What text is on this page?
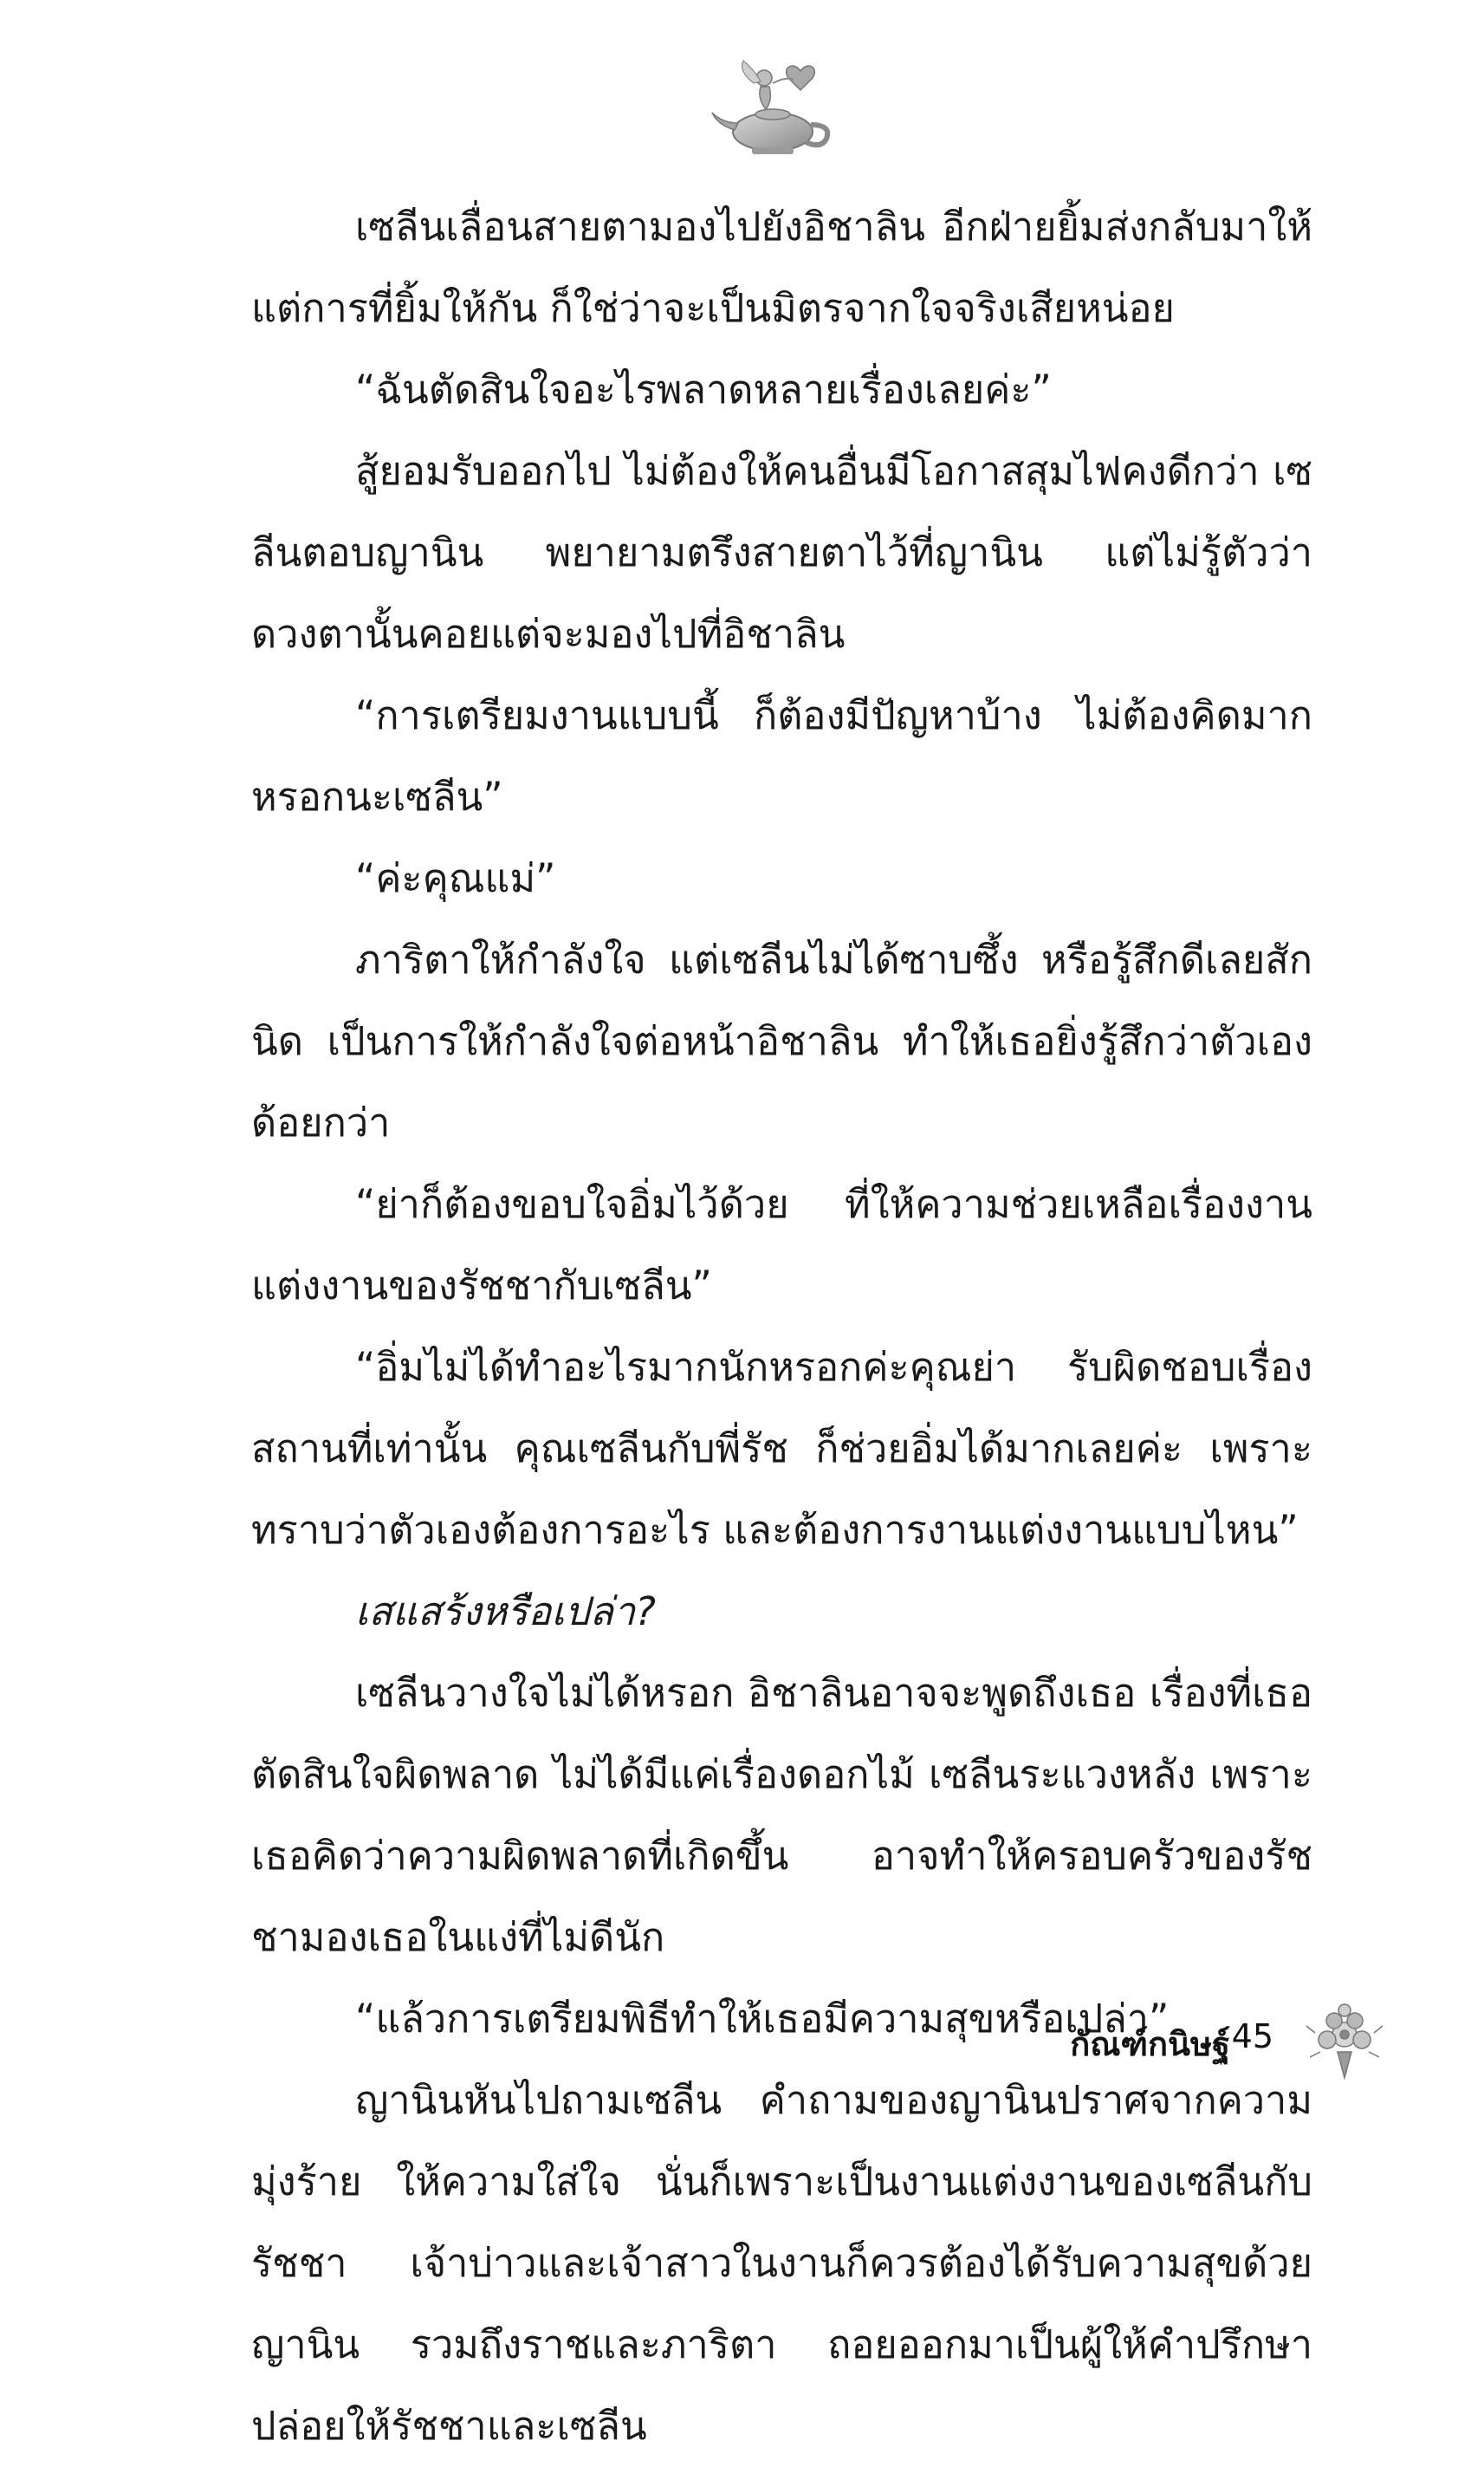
เซลีนเลื่อนสายตามองไปยังอิชาลิน อีกฝ่ายยิ้มส่งกลับมาให้ แต่การที่ยิ้มให้กัน ก็ใช่ว่าจะเป็นมิตรจากใจจริงเสียหน่อย

“ฉันตัดสินใจอะไรพลาดหลายเรื่องเลยค่ะ”

สู้ยอมรับออกไป ไม่ต้องให้คนอื่นมีโอกาสสุมไฟคงดีกว่า เซลีนตอบญานิน พยายามตรึงสายตาไว้ที่ญานิน แต่ไม่รู้ตัวว่าดวงตานั้นคอยแต่จะมองไปที่อิชาลิน

“การเตรียมงานแบบนี้ ก็ต้องมีปัญหาบ้าง ไม่ต้องคิดมากหรอกนะเซลีน”

“ค่ะคุณแม่”

ภาริตาให้กำลังใจ แต่เซลีนไม่ได้ซาบซึ้ง หรือรู้สึกดีเลยสักนิด เป็นการให้กำลังใจต่อหน้าอิชาลิน ทำให้เธอยิ่งรู้สึกว่าตัวเองด้อยกว่า

“ย่าก็ต้องขอบใจอิ่มไว้ด้วย ที่ให้ความช่วยเหลือเรื่องงานแต่งงานของรัชชากับเซลีน”

“อิ่มไม่ได้ทำอะไรมากนักหรอกค่ะคุณย่า รับผิดชอบเรื่องสถานที่เท่านั้น คุณเซลีนกับพี่รัช ก็ช่วยอิ่มได้มากเลยค่ะ เพราะทราบว่าตัวเองต้องการอะไร และต้องการงานแต่งงานแบบไหน”

เสแสร้งหรือเปล่า?

เซลีนวางใจไม่ได้หรอก อิชาลินอาจจะพูดถึงเธอ เรื่องที่เธอตัดสินใจผิดพลาด ไม่ได้มีแค่เรื่องดอกไม้ เซลีนระแวงหลัง เพราะเธอคิดว่าความผิดพลาดที่เกิดขึ้น อาจทำให้ครอบครัวของรัชชามองเธอในแง่ที่ไม่ดีนัก

“แล้วการเตรียมพิธีทำให้เธอมีความสุขหรือเปล่า”

ญานินหันไปถามเซลีน คำถามของญานินปราศจากความมุ่งร้าย ให้ความใส่ใจ นั่นก็เพราะเป็นงานแต่งงานของเซลีนกับรัชชา เจ้าบ่าวและเจ้าสาวในงานก็ควรต้องได้รับความสุขด้วย ญานิน รวมถึงราชและภาริตา ถอยออกมาเป็นผู้ให้คำปรึกษา ปล่อยให้รัชชาและเซลีน

กัณฑ์กนิษฐ์ 45
